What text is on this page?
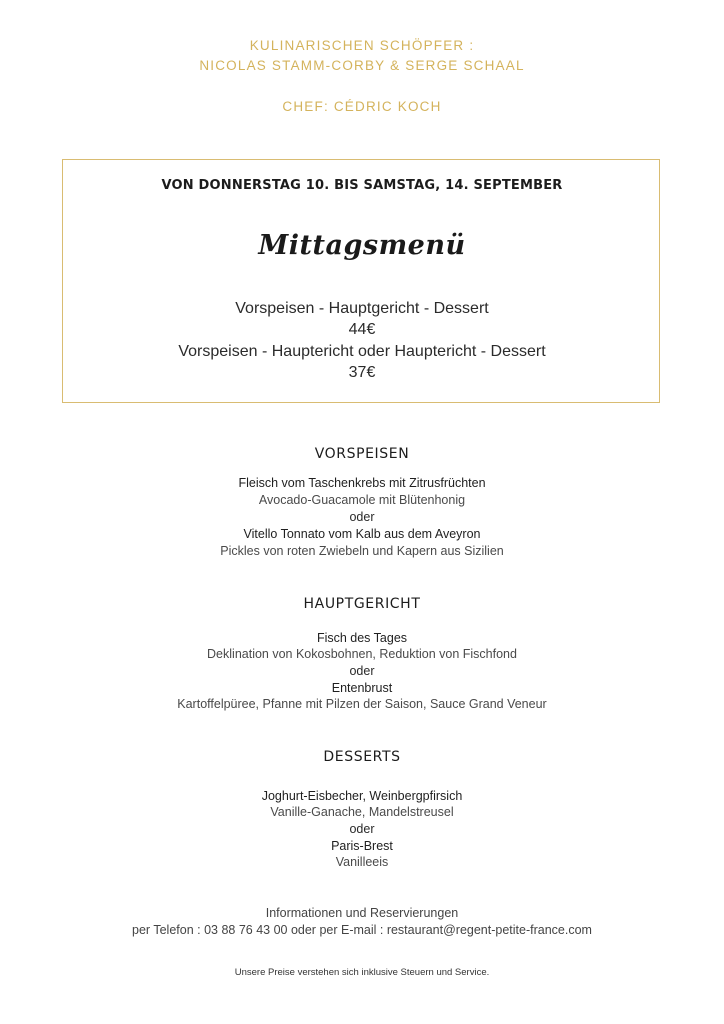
KULINARISCHEN SCHÖPFER :
NICOLAS STAMM-CORBY & SERGE SCHAAL
CHEF: CÉDRIC KOCH
VON DONNERSTAG 10. BIS SAMSTAG, 14. SEPTEMBER
Mittagsmenü
Vorspeisen - Hauptgericht - Dessert
44€
Vorspeisen - Hauptericht oder Hauptericht - Dessert
37€
VORSPEISEN
Fleisch vom Taschenkrebs mit Zitrusfrüchten
Avocado-Guacamole mit Blütenhonig
oder
Vitello Tonnato vom Kalb aus dem Aveyron
Pickles von roten Zwiebeln und Kapern aus Sizilien
HAUPTGERICHT
Fisch des Tages
Deklination von Kokosbohnen, Reduktion von Fischfond
oder
Entenbrust
Kartoffelpüree, Pfanne mit Pilzen der Saison, Sauce Grand Veneur
DESSERTS
Joghurt-Eisbecher, Weinbergpfirsich
Vanille-Ganache, Mandelstreusel
oder
Paris-Brest
Vanilleeis
Informationen und Reservierungen
per Telefon : 03 88 76 43 00 oder per E-mail : restaurant@regent-petite-france.com
Unsere Preise verstehen sich inklusive Steuern und Service.
